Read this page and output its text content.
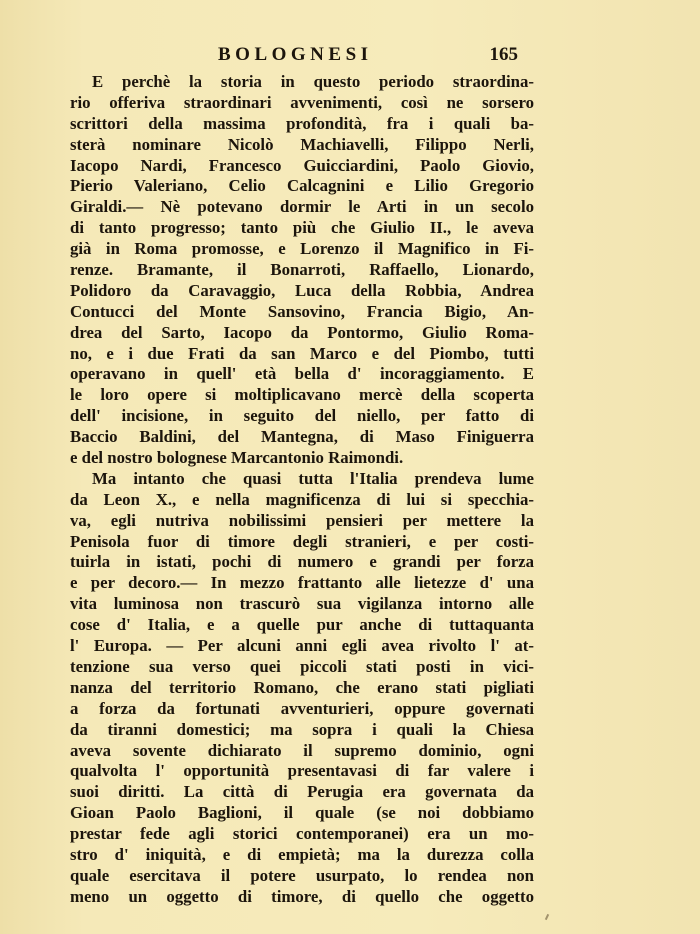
BOLOGNESI	165
E perchè la storia in questo periodo straordina-
rio offeriva straordinari avvenimenti, così ne sorsero
scrittori della massima profondità, fra i quali ba-
sterà nominare Nicolò Machiavelli, Filippo Nerli,
Iacopo Nardi, Francesco Guicciardini, Paolo Giovio,
Pierio Valeriano, Celio Calcagnini e Lilio Gregorio
Giraldi.— Nè potevano dormir le Arti in un secolo
di tanto progresso; tanto più che Giulio II., le aveva
già in Roma promosse, e Lorenzo il Magnifico in Fi-
renze. Bramante, il Bonarroti, Raffaello, Lionardo,
Polidoro da Caravaggio, Luca della Robbia, Andrea
Contucci del Monte Sansovino, Francia Bigio, An-
drea del Sarto, Iacopo da Pontormo, Giulio Roma-
no, e i due Frati da san Marco e del Piombo, tutti
operavano in quell' età bella d' incoraggiamento. E
le loro opere si moltiplicavano mercè della scoperta
dell' incisione, in seguito del niello, per fatto di
Baccio Baldini, del Mantegna, di Maso Finiguerra
e del nostro bolognese Marcantonio Raimondi.
Ma intanto che quasi tutta l'Italia prendeva lume
da Leon X., e nella magnificenza di lui si specchia-
va, egli nutriva nobilissimi pensieri per mettere la
Penisola fuor di timore degli stranieri, e per costi-
tuirla in istati, pochi di numero e grandi per forza
e per decoro.— In mezzo frattanto alle lietezze d' una
vita luminosa non trascurò sua vigilanza intorno alle
cose d' Italia, e a quelle pur anche di tuttaquanta
l' Europa. — Per alcuni anni egli avea rivolto l' at-
tenzione sua verso quei piccoli stati posti in vici-
nanza del territorio Romano, che erano stati pigliati
a forza da fortunati avventurieri, oppure governati
da tiranni domestici; ma sopra i quali la Chiesa
aveva sovente dichiarato il supremo dominio, ogni
qualvolta l' opportunità presentavasi di far valere i
suoi diritti. La città di Perugia era governata da
Gioan Paolo Baglioni, il quale (se noi dobbiamo
prestar fede agli storici contemporanei) era un mo-
stro d' iniquità, e di empietà; ma la durezza colla
quale esercitava il potere usurpato, lo rendea non
meno un oggetto di timore, di quello che oggetto
